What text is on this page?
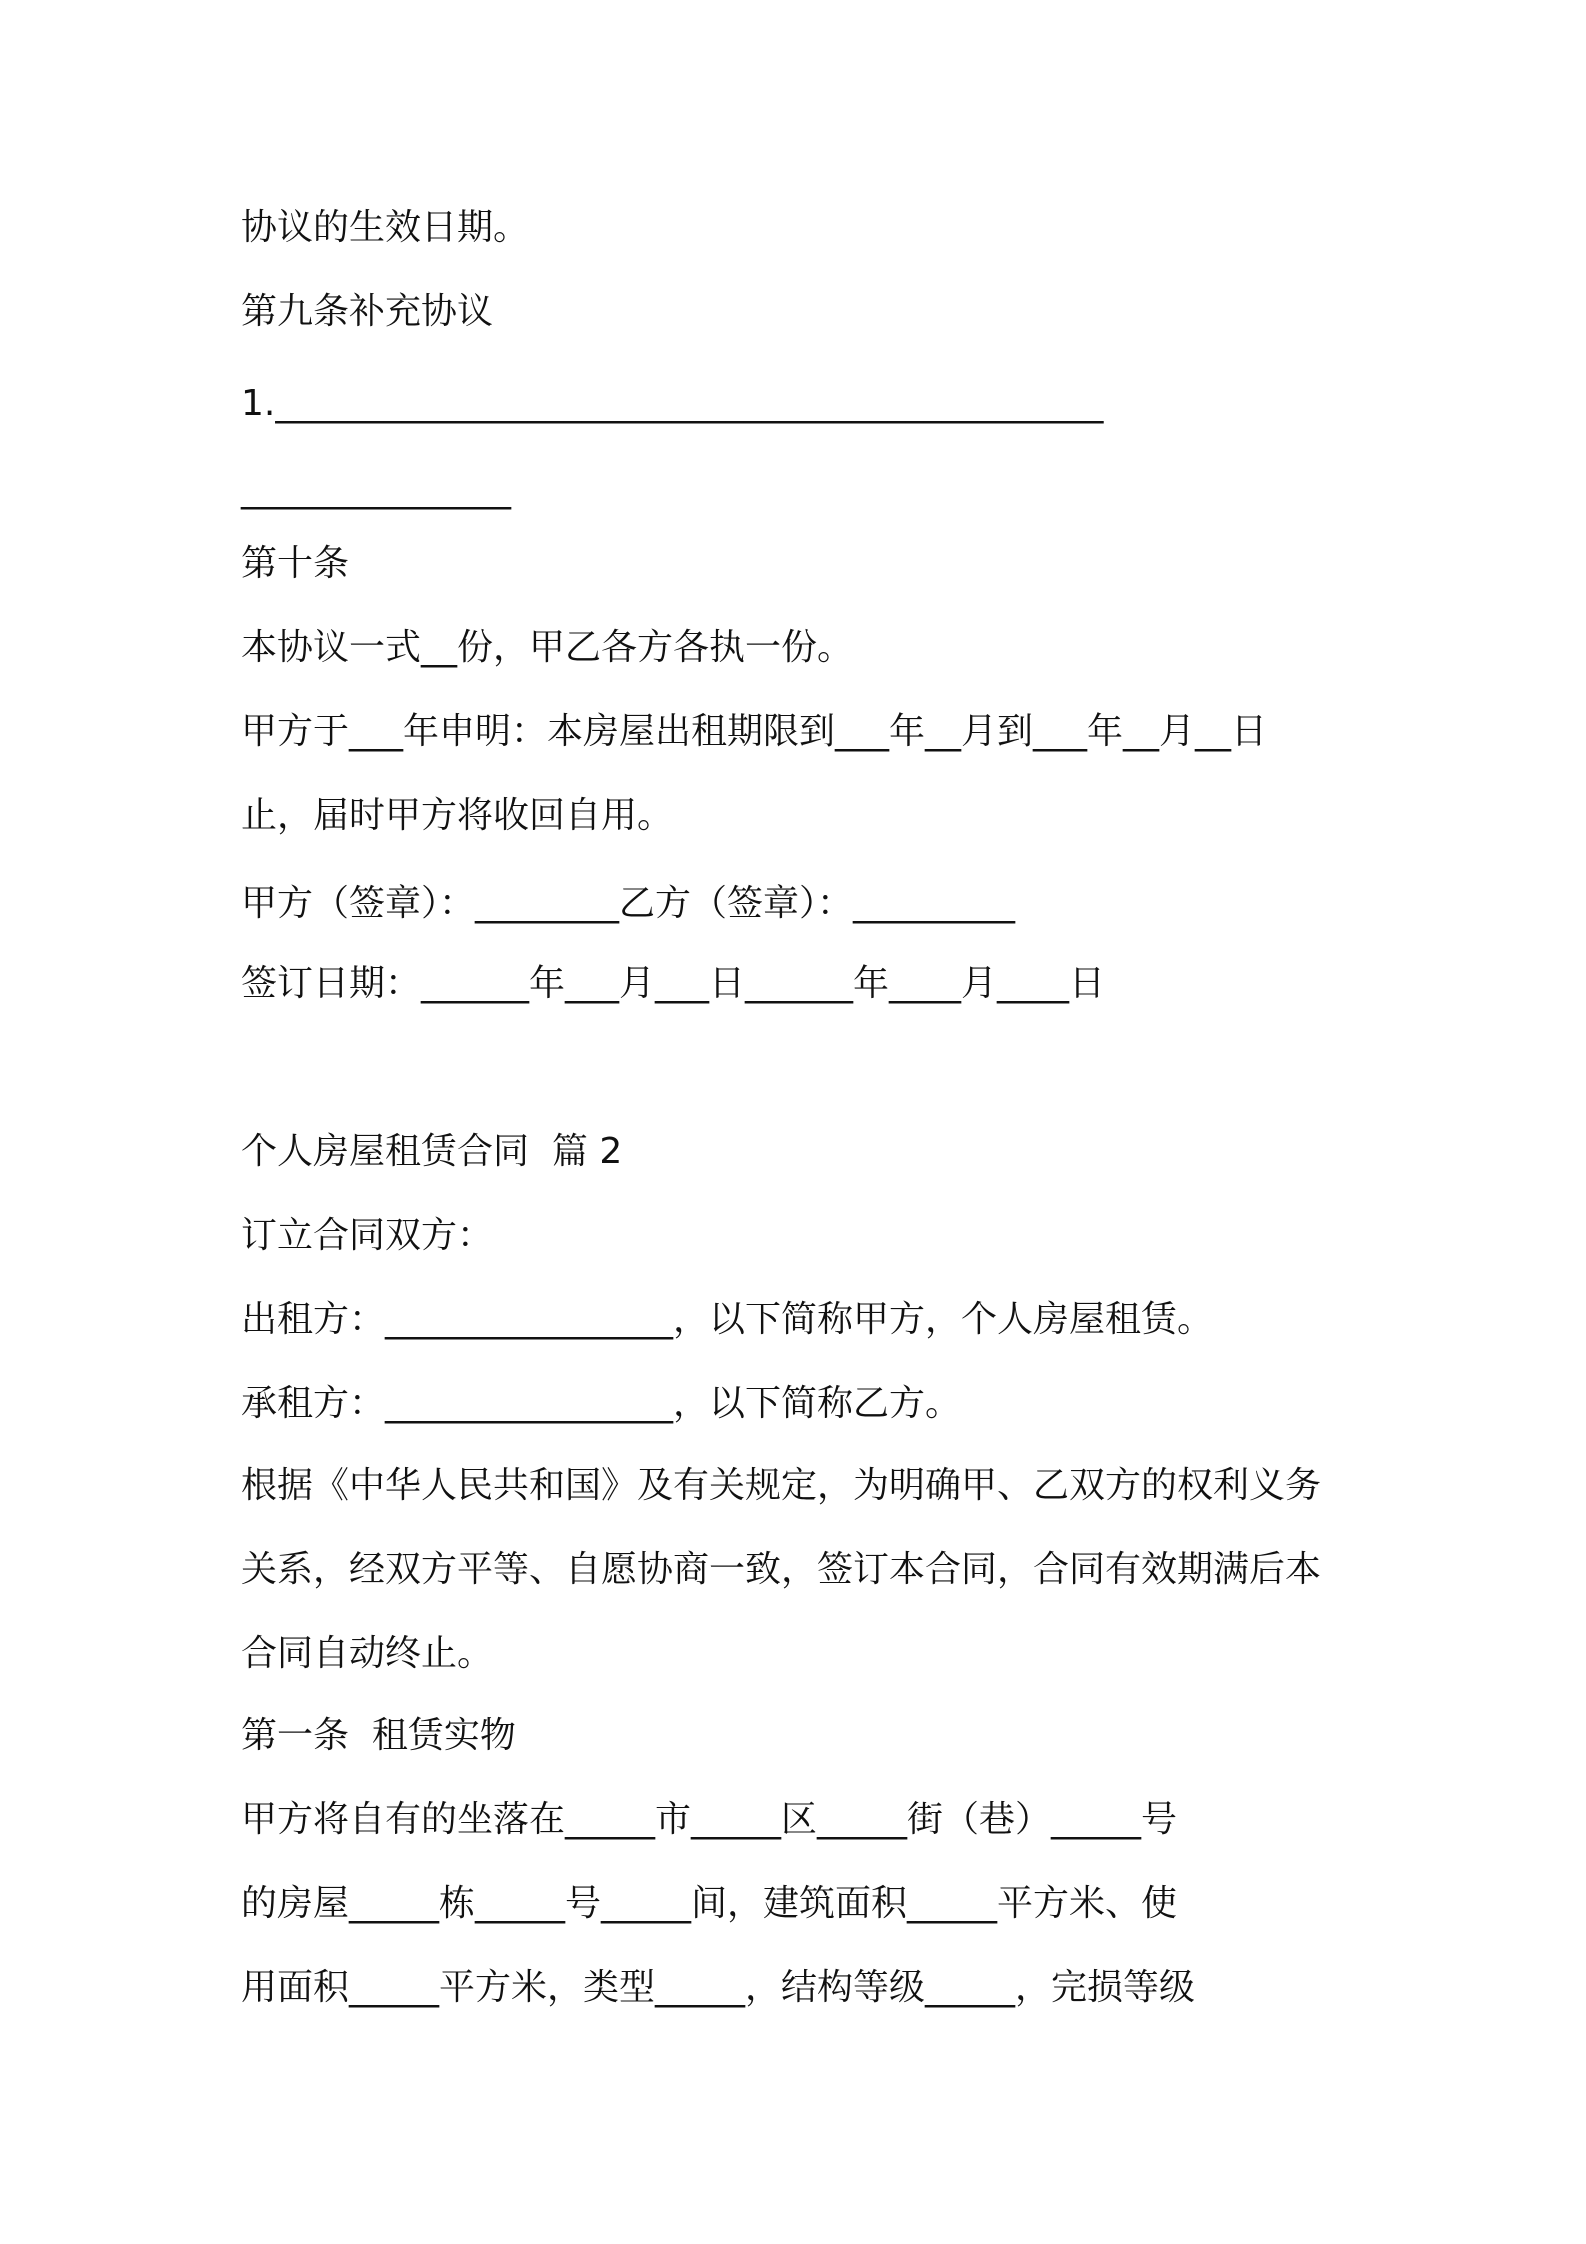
协议的生效日期。

第九条补充协议

1.______________________________________________

_______________

第十条

本协议一式__份，甲乙各方各执一份。

甲方于___年申明：本房屋出租期限到___年__月到___年__月__日

止，届时甲方将收回自用。

甲方（签章）：________乙方（签章）：_________

签订日期：______年___月___日______年____月____日

个人房屋租赁合同  篇 2

订立合同双方：

出租方：________________，以下简称甲方，个人房屋租赁。

承租方：________________，以下简称乙方。

根据《中华人民共和国》及有关规定，为明确甲、乙双方的权利义务

关系，经双方平等、自愿协商一致，签订本合同，合同有效期满后本

合同自动终止。

第一条  租赁实物

甲方将自有的坐落在_____市_____区_____街（巷）_____号

的房屋_____栋_____号_____间，建筑面积_____平方米、使

用面积_____平方米，类型_____，结构等级_____，完损等级
